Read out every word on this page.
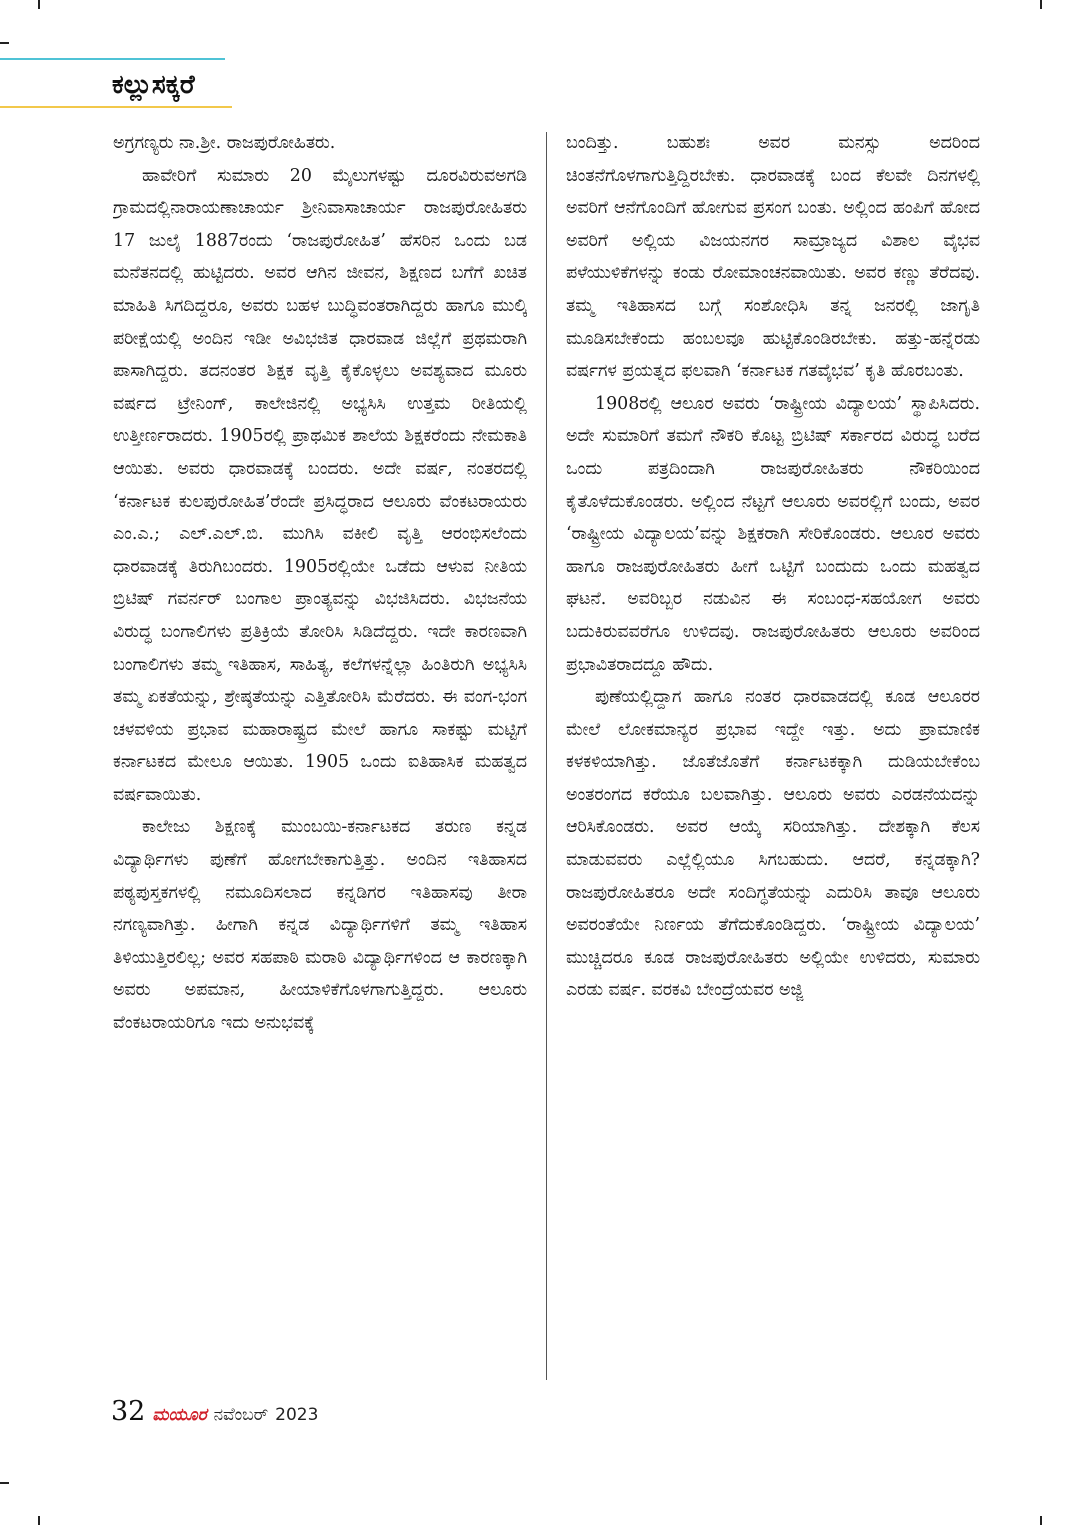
ಕಲ್ಲುಸಕ್ಕರೆ

ಅಗ್ರಗಣ್ಯರು ನಾ.ಶ್ರೀ. ರಾಜಪುರೋಹಿತರು.

ಹಾವೇರಿಗೆ ಸುಮಾರು 20 ಮೈಲುಗಳಷ್ಟು ದೂರವಿರುವಅಗಡಿ ಗ್ರಾಮದಲ್ಲಿನಾರಾಯಣಾಚಾರ್ಯ ಶ್ರೀನಿವಾಸಾಚಾರ್ಯ ರಾಜಪುರೋಹಿತರು 17 ಜುಲೈ 1887ರಂದು ‘ರಾಜಪುರೋಹಿತ’ ಹೆಸರಿನ ಒಂದು ಬಡ ಮನೆತನದಲ್ಲಿ ಹುಟ್ಟಿದರು. ಅವರ ಆಗಿನ ಜೀವನ, ಶಿಕ್ಷಣದ ಬಗೆಗೆ ಖಚಿತ ಮಾಹಿತಿ ಸಿಗದಿದ್ದರೂ, ಅವರು ಬಹಳ ಬುದ್ಧಿವಂತರಾಗಿದ್ದರು ಹಾಗೂ ಮುಲ್ಕಿ ಪರೀಕ್ಷೆಯಲ್ಲಿ ಅಂದಿನ ಇಡೀ ಅವಿಭಜಿತ ಧಾರವಾಡ ಜಿಲ್ಲೆಗೆ ಪ್ರಥಮರಾಗಿ ಪಾಸಾಗಿದ್ದರು. ತದನಂತರ ಶಿಕ್ಷಕ ವೃತ್ತಿ ಕೈಕೊಳ್ಳಲು ಅವಶ್ಯವಾದ ಮೂರು ವರ್ಷದ ಟ್ರೇನಿಂಗ್, ಕಾಲೇಜಿನಲ್ಲಿ ಅಭ್ಯಸಿಸಿ ಉತ್ತಮ ರೀತಿಯಲ್ಲಿ ಉತ್ತೀರ್ಣರಾದರು. 1905ರಲ್ಲಿ ಪ್ರಾಥಮಿಕ ಶಾಲೆಯ ಶಿಕ್ಷಕರೆಂದು ನೇಮಕಾತಿ ಆಯಿತು. ಅವರು ಧಾರವಾಡಕ್ಕೆ ಬಂದರು. ಅದೇ ವರ್ಷ, ನಂತರದಲ್ಲಿ ‘ಕರ್ನಾಟಕ ಕುಲಪುರೋಹಿತ’ರೆಂದೇ ಪ್ರಸಿದ್ಧರಾದ ಆಲೂರು ವೆಂಕಟರಾಯರು ಎಂ.ಎ.; ಎಲ್.ಎಲ್.ಬಿ. ಮುಗಿಸಿ ವಕೀಲಿ ವೃತ್ತಿ ಆರಂಭಿಸಲೆಂದು ಧಾರವಾಡಕ್ಕೆ ತಿರುಗಿಬಂದರು. 1905ರಲ್ಲಿಯೇ ಒಡೆದು ಆಳುವ ನೀತಿಯ ಬ್ರಿಟಿಷ್ ಗವರ್ನರ್ ಬಂಗಾಲ ಪ್ರಾಂತ್ಯವನ್ನು ವಿಭಜಿಸಿದರು. ವಿಭಜನೆಯ ವಿರುದ್ಧ ಬಂಗಾಲಿಗಳು ಪ್ರತಿಕ್ರಿಯೆ ತೋರಿಸಿ ಸಿಡಿದೆದ್ದರು. ಇದೇ ಕಾರಣವಾಗಿ ಬಂಗಾಲಿಗಳು ತಮ್ಮ ಇತಿಹಾಸ, ಸಾಹಿತ್ಯ, ಕಲೆಗಳನ್ನೆಲ್ಲಾ ಹಿಂತಿರುಗಿ ಅಭ್ಯಸಿಸಿ ತಮ್ಮ ಏಕತೆಯನ್ನು, ಶ್ರೇಷ್ಠತೆಯನ್ನು ಎತ್ತಿತೋರಿಸಿ ಮೆರೆದರು. ಈ ವಂಗ-ಭಂಗ ಚಳವಳಿಯ ಪ್ರಭಾವ ಮಹಾರಾಷ್ಟ್ರದ ಮೇಲೆ ಹಾಗೂ ಸಾಕಷ್ಟು ಮಟ್ಟಿಗೆ ಕರ್ನಾಟಕದ ಮೇಲೂ ಆಯಿತು. 1905 ಒಂದು ಐತಿಹಾಸಿಕ ಮಹತ್ವದ ವರ್ಷವಾಯಿತು.

ಕಾಲೇಜು ಶಿಕ್ಷಣಕ್ಕೆ ಮುಂಬಯಿ-ಕರ್ನಾಟಕದ ತರುಣ ಕನ್ನಡ ವಿದ್ಯಾರ್ಥಿಗಳು ಪುಣೆಗೆ ಹೋಗಬೇಕಾಗುತ್ತಿತ್ತು. ಅಂದಿನ ಇತಿಹಾಸದ ಪಠ್ಯಪುಸ್ತಕಗಳಲ್ಲಿ ನಮೂದಿಸಲಾದ ಕನ್ನಡಿಗರ ಇತಿಹಾಸವು ತೀರಾ ನಗಣ್ಯವಾಗಿತ್ತು. ಹೀಗಾಗಿ ಕನ್ನಡ ವಿದ್ಯಾರ್ಥಿಗಳಿಗೆ ತಮ್ಮ ಇತಿಹಾಸ ತಿಳಿಯುತ್ತಿರಲಿಲ್ಲ; ಅವರ ಸಹಪಾಠಿ ಮರಾಠಿ ವಿದ್ಯಾರ್ಥಿಗಳಿಂದ ಆ ಕಾರಣಕ್ಕಾಗಿ ಅವರು ಅಪಮಾನ, ಹೀಯಾಳಿಕೆಗೊಳಗಾಗುತ್ತಿದ್ದರು. ಆಲೂರು ವೆಂಕಟರಾಯರಿಗೂ ಇದು ಅನುಭವಕ್ಕೆ

ಬಂದಿತ್ತು. ಬಹುಶಃ ಅವರ ಮನಸ್ಸು ಅದರಿಂದ ಚಿಂತನೆಗೊಳಗಾಗುತ್ತಿದ್ದಿರಬೇಕು. ಧಾರವಾಡಕ್ಕೆ ಬಂದ ಕೆಲವೇ ದಿನಗಳಲ್ಲಿ ಅವರಿಗೆ ಆನೆಗೊಂದಿಗೆ ಹೋಗುವ ಪ್ರಸಂಗ ಬಂತು. ಅಲ್ಲಿಂದ ಹಂಪಿಗೆ ಹೋದ ಅವರಿಗೆ ಅಲ್ಲಿಯ ವಿಜಯನಗರ ಸಾಮ್ರಾಜ್ಯದ ವಿಶಾಲ ವೈಭವ ಪಳೆಯುಳಿಕೆಗಳನ್ನು ಕಂಡು ರೋಮಾಂಚನವಾಯಿತು. ಅವರ ಕಣ್ಣು ತೆರೆದವು. ತಮ್ಮ ಇತಿಹಾಸದ ಬಗ್ಗೆ ಸಂಶೋಧಿಸಿ ತನ್ನ ಜನರಲ್ಲಿ ಜಾಗೃತಿ ಮೂಡಿಸಬೇಕೆಂದು ಹಂಬಲವೂ ಹುಟ್ಟಿಕೊಂಡಿರಬೇಕು. ಹತ್ತು-ಹನ್ನೆರಡು ವರ್ಷಗಳ ಪ್ರಯತ್ನದ ಫಲವಾಗಿ ‘ಕರ್ನಾಟಕ ಗತವೈಭವ’ ಕೃತಿ ಹೊರಬಂತು.

1908ರಲ್ಲಿ ಆಲೂರ ಅವರು ‘ರಾಷ್ಟ್ರೀಯ ವಿದ್ಯಾಲಯ’ ಸ್ಥಾಪಿಸಿದರು. ಅದೇ ಸುಮಾರಿಗೆ ತಮಗೆ ನೌಕರಿ ಕೊಟ್ಟ ಬ್ರಿಟಿಷ್ ಸರ್ಕಾರದ ವಿರುದ್ಧ ಬರೆದ ಒಂದು ಪತ್ರದಿಂದಾಗಿ ರಾಜಪುರೋಹಿತರು ನೌಕರಿಯಿಂದ ಕೈತೊಳೆದುಕೊಂಡರು. ಅಲ್ಲಿಂದ ನೆಟ್ಟಗೆ ಆಲೂರು ಅವರಲ್ಲಿಗೆ ಬಂದು, ಅವರ ‘ರಾಷ್ಟ್ರೀಯ ವಿದ್ಯಾಲಯ’ವನ್ನು ಶಿಕ್ಷಕರಾಗಿ ಸೇರಿಕೊಂಡರು. ಆಲೂರ ಅವರು ಹಾಗೂ ರಾಜಪುರೋಹಿತರು ಹೀಗೆ ಒಟ್ಟಿಗೆ ಬಂದುದು ಒಂದು ಮಹತ್ವದ ಘಟನೆ. ಅವರಿಬ್ಬರ ನಡುವಿನ ಈ ಸಂಬಂಧ-ಸಹಯೋಗ ಅವರು ಬದುಕಿರುವವರೆಗೂ ಉಳಿದವು. ರಾಜಪುರೋಹಿತರು ಆಲೂರು ಅವರಿಂದ ಪ್ರಭಾವಿತರಾದದ್ದೂ ಹೌದು.

ಪುಣೆಯಲ್ಲಿದ್ದಾಗ ಹಾಗೂ ನಂತರ ಧಾರವಾಡದಲ್ಲಿ ಕೂಡ ಆಲೂರರ ಮೇಲೆ ಲೋಕಮಾನ್ಯರ ಪ್ರಭಾವ ಇದ್ದೇ ಇತ್ತು. ಅದು ಪ್ರಾಮಾಣಿಕ ಕಳಕಳಿಯಾಗಿತ್ತು. ಜೊತೆಜೊತೆಗೆ ಕರ್ನಾಟಕಕ್ಕಾಗಿ ದುಡಿಯಬೇಕೆಂಬ ಅಂತರಂಗದ ಕರೆಯೂ ಬಲವಾಗಿತ್ತು. ಆಲೂರು ಅವರು ಎರಡನೆಯದನ್ನು ಆರಿಸಿಕೊಂಡರು. ಅವರ ಆಯ್ಕೆ ಸರಿಯಾಗಿತ್ತು. ದೇಶಕ್ಕಾಗಿ ಕೆಲಸ ಮಾಡುವವರು ಎಲ್ಲೆಲ್ಲಿಯೂ ಸಿಗಬಹುದು. ಆದರೆ, ಕನ್ನಡಕ್ಕಾಗಿ? ರಾಜಪುರೋಹಿತರೂ ಅದೇ ಸಂದಿಗ್ಧತೆಯನ್ನು ಎದುರಿಸಿ ತಾವೂ ಆಲೂರು ಅವರಂತೆಯೇ ನಿರ್ಣಯ ತೆಗೆದುಕೊಂಡಿದ್ದರು. ‘ರಾಷ್ಟ್ರೀಯ ವಿದ್ಯಾಲಯ’ ಮುಚ್ಚಿದರೂ ಕೂಡ ರಾಜಪುರೋಹಿತರು ಅಲ್ಲಿಯೇ ಉಳಿದರು, ಸುಮಾರು ಎರಡು ವರ್ಷ. ವರಕವಿ ಬೇಂದ್ರೆಯವರ ಅಜ್ಜಿ

32 ಮಯೂರ ನವೆಂಬರ್ 2023
